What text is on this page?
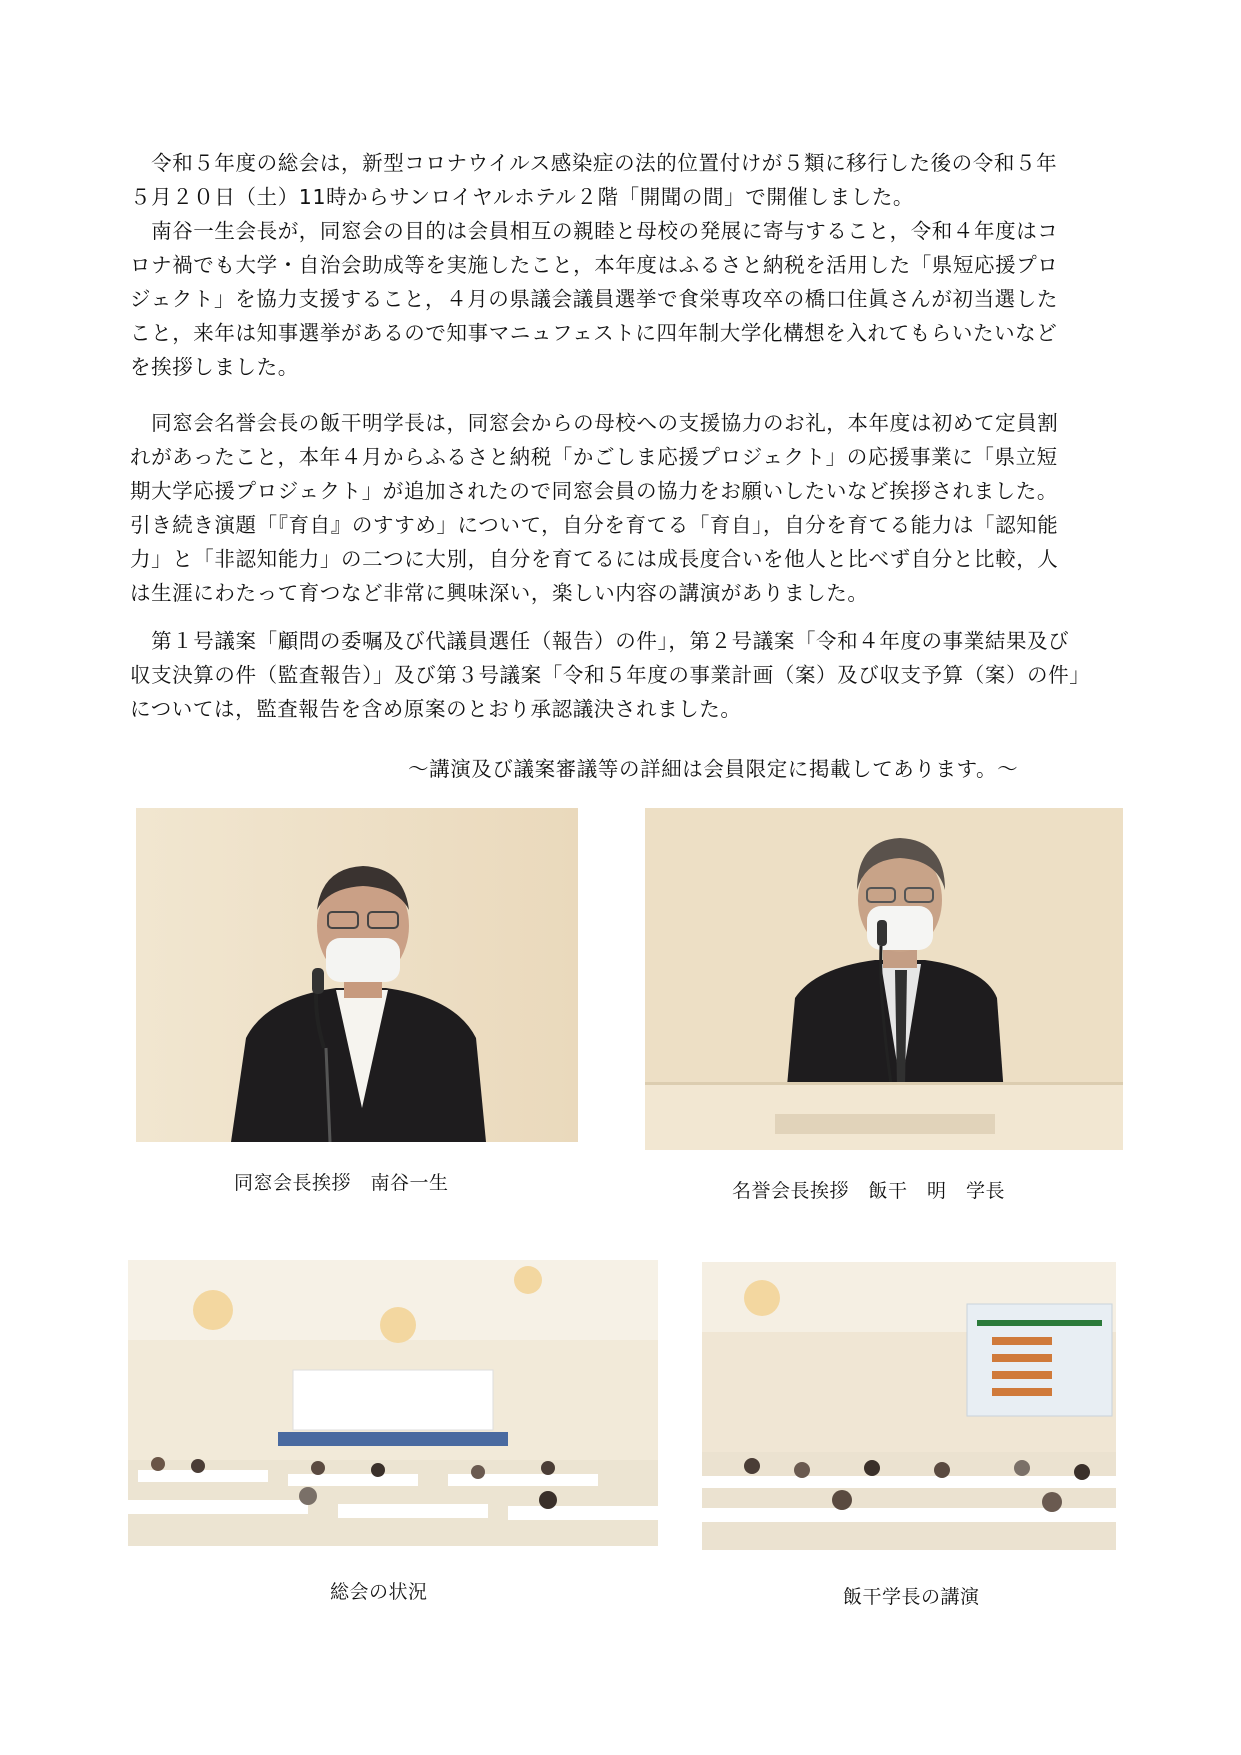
　令和５年度の総会は，新型コロナウイルス感染症の法的位置付けが５類に移行した後の令和５年
５月２０日（土）11時からサンロイヤルホテル２階「開聞の間」で開催しました。
　南谷一生会長が，同窓会の目的は会員相互の親睦と母校の発展に寄与すること，令和４年度はコ
ロナ禍でも大学・自治会助成等を実施したこと，本年度はふるさと納税を活用した「県短応援プロ
ジェクト」を協力支援すること，４月の県議会議員選挙で食栄専攻卒の橋口住眞さんが初当選した
こと，来年は知事選挙があるので知事マニュフェストに四年制大学化構想を入れてもらいたいなど
を挨拶しました。
　同窓会名誉会長の飯干明学長は，同窓会からの母校への支援協力のお礼，本年度は初めて定員割
れがあったこと，本年４月からふるさと納税「かごしま応援プロジェクト」の応援事業に「県立短
期大学応援プロジェクト」が追加されたので同窓会員の協力をお願いしたいなど挨拶されました。
引き続き演題「『育自』のすすめ」について，自分を育てる「育自」，自分を育てる能力は「認知能
力」と「非認知能力」の二つに大別，自分を育てるには成長度合いを他人と比べず自分と比較，人
は生涯にわたって育つなど非常に興味深い，楽しい内容の講演がありました。
　第１号議案「顧問の委嘱及び代議員選任（報告）の件」，第２号議案「令和４年度の事業結果及び
収支決算の件（監査報告）」及び第３号議案「令和５年度の事業計画（案）及び収支予算（案）の件」
については，監査報告を含め原案のとおり承認議決されました。
〜講演及び議案審議等の詳細は会員限定に掲載してあります。〜
同窓会長挨拶　南谷一生	名誉会長挨拶　飯干　明　学長
総会の状況	飯干学長の講演
